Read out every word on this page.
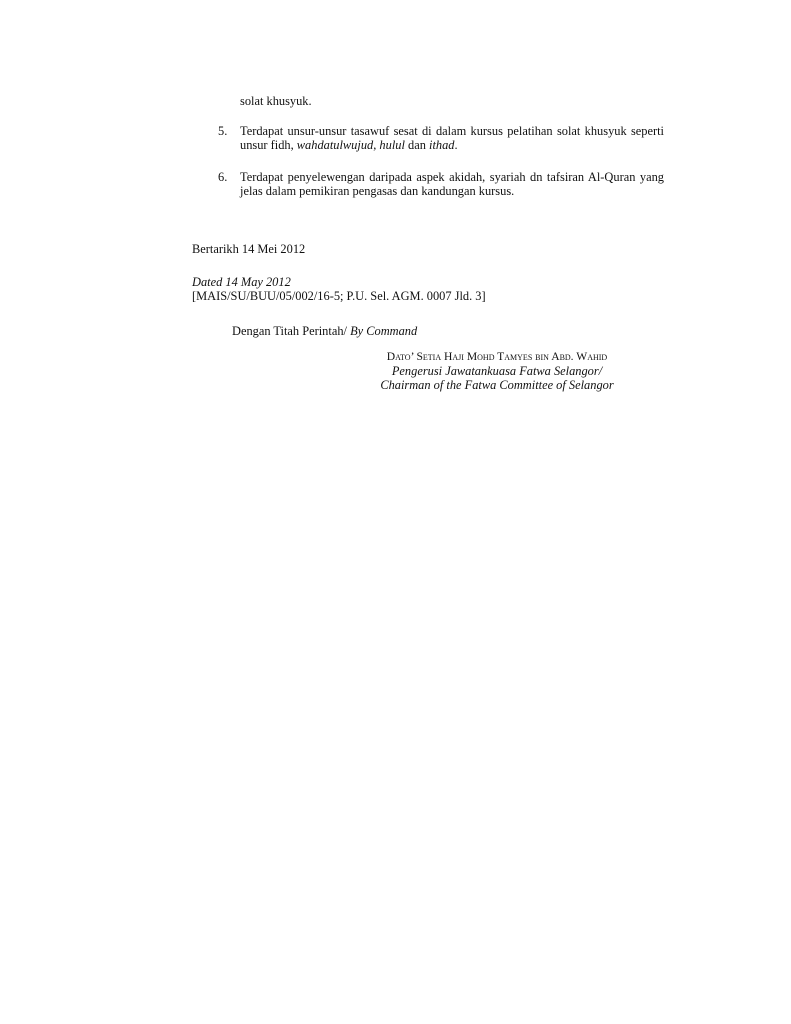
solat khusyuk.
5.	Terdapat unsur-unsur tasawuf sesat di dalam kursus pelatihan solat khusyuk seperti unsur fidh, wahdatulwujud, hulul dan ithad.
6.	Terdapat penyelewengan daripada aspek akidah, syariah dn tafsiran Al-Quran yang jelas dalam pemikiran pengasas dan kandungan kursus.
Bertarikh 14 Mei 2012
Dated 14 May 2012
[MAIS/SU/BUU/05/002/16-5; P.U. Sel. AGM. 0007 Jld. 3]
Dengan Titah Perintah/ By Command
Dato’ Setia Haji Mohd Tamyes bin Abd. Wahid
Pengerusi Jawatankuasa Fatwa Selangor/
Chairman of the Fatwa Committee of Selangor
